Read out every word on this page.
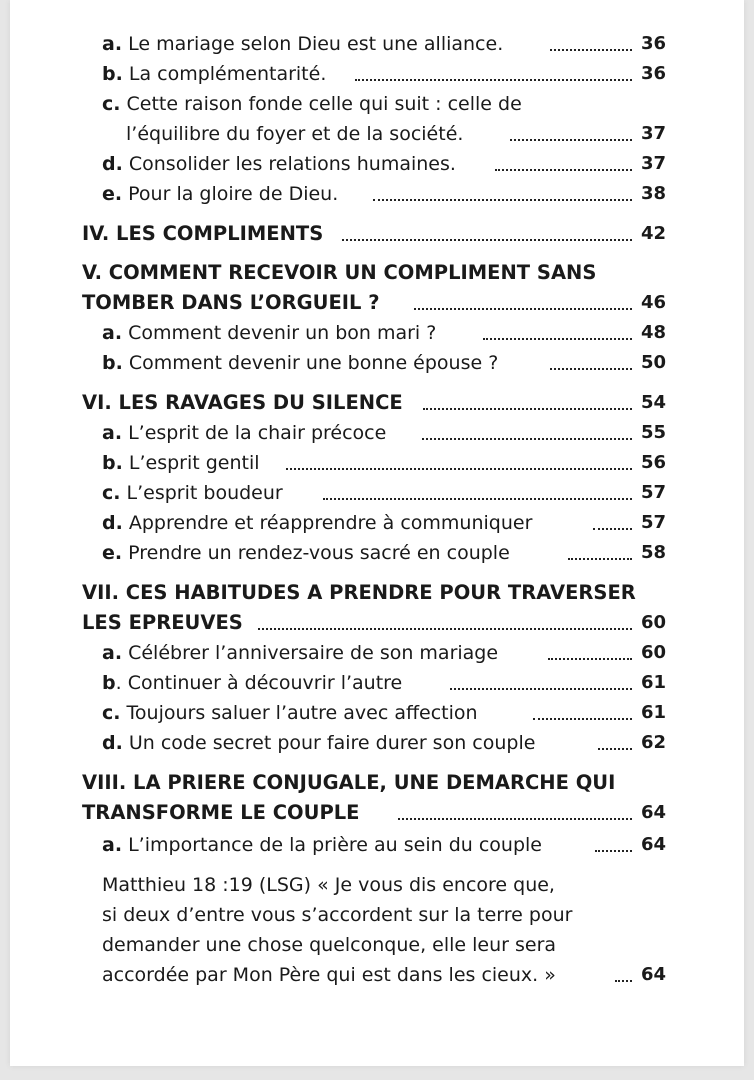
a. Le mariage selon Dieu est une alliance.	36
b. La complémentarité.	36
c. Cette raison fonde celle qui suit : celle de
l’équilibre du foyer et de la société.	37
d. Consolider les relations humaines.	37
e. Pour la gloire de Dieu.	38
IV. LES COMPLIMENTS	42
V. COMMENT RECEVOIR UN COMPLIMENT SANS
TOMBER DANS L’ORGUEIL ?	46
a. Comment devenir un bon mari ?	48
b. Comment devenir une bonne épouse ?	50
VI. LES RAVAGES DU SILENCE	54
a. L’esprit de la chair précoce	55
b. L’esprit gentil	56
c. L’esprit boudeur	57
d. Apprendre et réapprendre à communiquer	57
e. Prendre un rendez-vous sacré en couple	58
VII. CES HABITUDES A PRENDRE POUR TRAVERSER
LES EPREUVES	60
a. Célébrer l’anniversaire de son mariage	60
b. Continuer à découvrir l’autre	61
c. Toujours saluer l’autre avec affection	61
d. Un code secret pour faire durer son couple	62
VIII. LA PRIERE CONJUGALE, UNE DEMARCHE QUI
TRANSFORME LE COUPLE	64
a. L’importance de la prière au sein du couple	64
Matthieu 18 :19 (LSG) « Je vous dis encore que,
si deux d’entre vous s’accordent sur la terre pour
demander une chose quelconque, elle leur sera
accordée par Mon Père qui est dans les cieux. »	64
